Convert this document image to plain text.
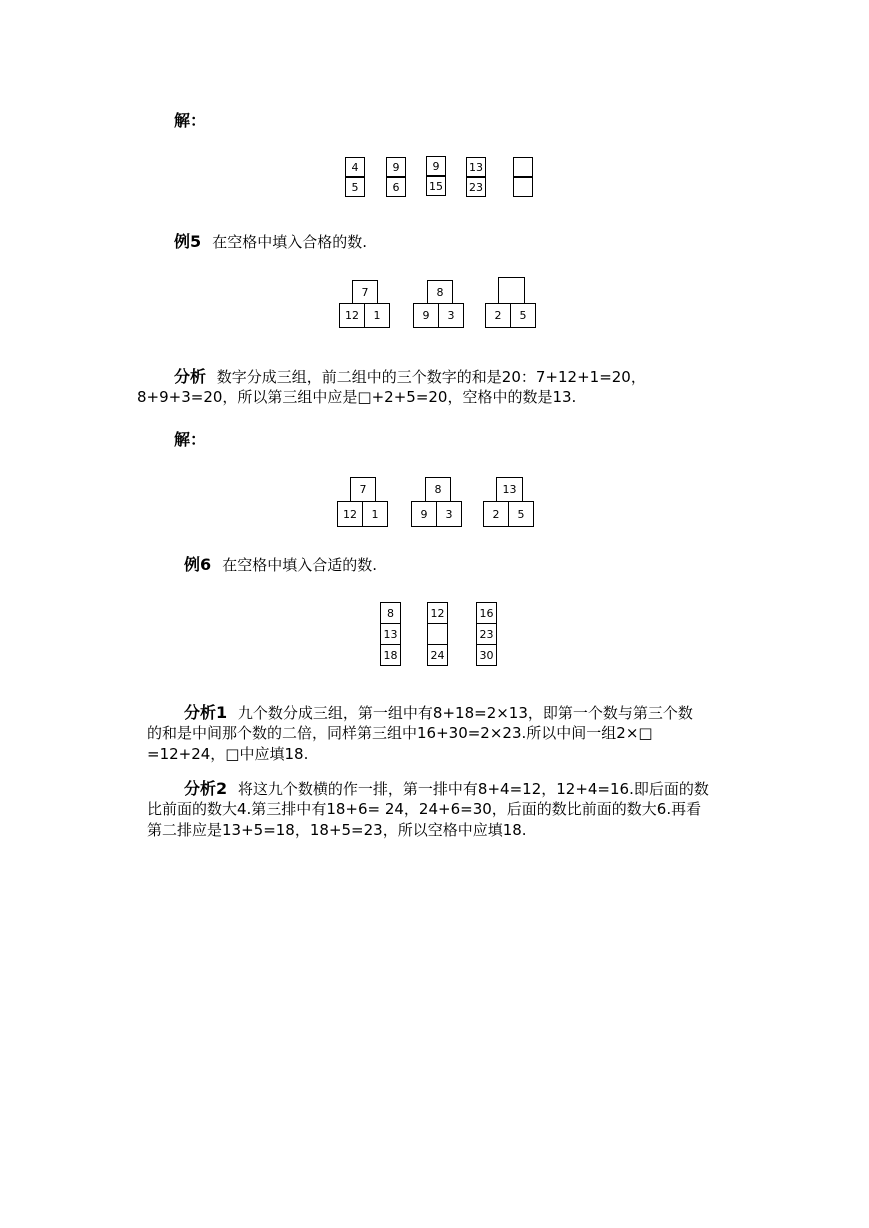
解：
4
5
9
6
9
15
13
23
例5 在空格中填入合格的数.
7
12	1
8
9	3	2	5
分析 数字分成三组，前二组中的三个数字的和是20：7+12+1=20，
8+9+3=20，所以第三组中应是□+2+5=20，空格中的数是13.
解：
7
12	1
8
9	3
13
2	5
例6 在空格中填入合适的数.
8
13
18
12
24
16
23
30
分析1 九个数分成三组，第一组中有8+18=2×13，即第一个数与第三个数
的和是中间那个数的二倍，同样第三组中16+30=2×23.所以中间一组2×□
=12+24，□中应填18.
分析2 将这九个数横的作一排，第一排中有8+4=12，12+4=16.即后面的数
比前面的数大4.第三排中有18+6= 24，24+6=30，后面的数比前面的数大6.再看
第二排应是13+5=18，18+5=23，所以空格中应填18.
